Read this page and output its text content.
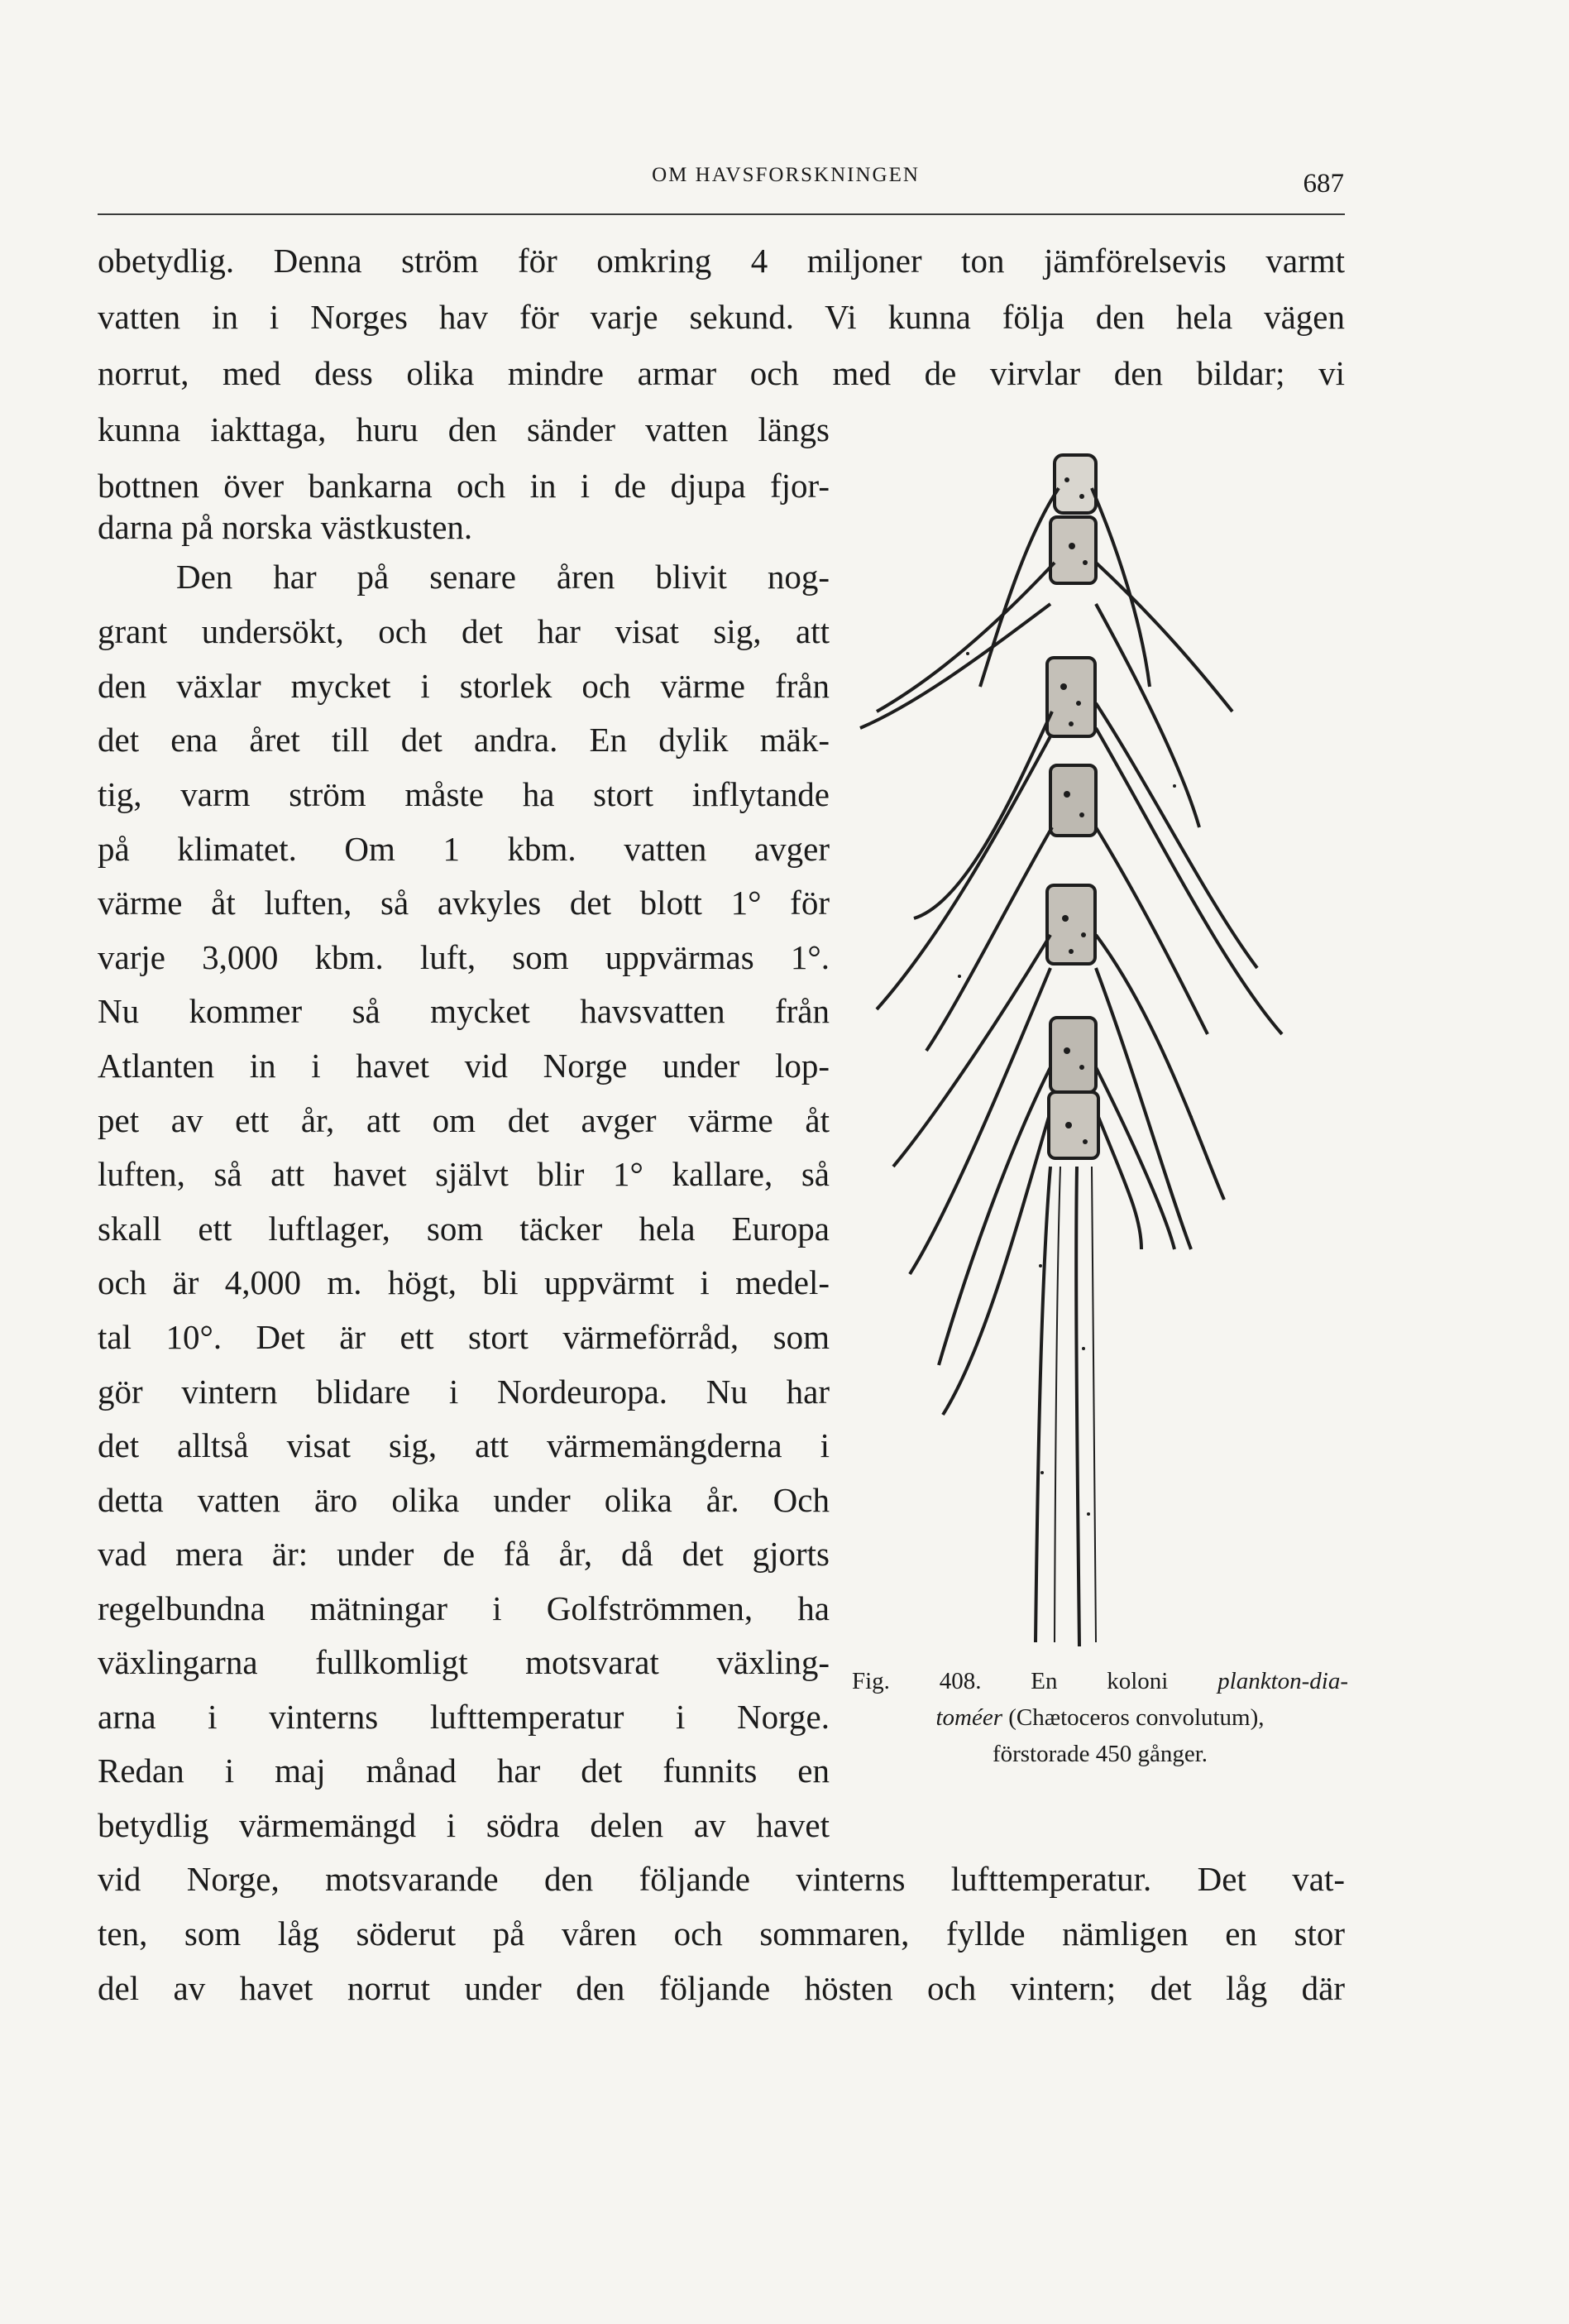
OM HAVSFORSKNINGEN	687
obetydlig. Denna ström för omkring 4 miljoner ton jämförelsevis varmt
vatten in i Norges hav för varje sekund. Vi kunna följa den hela vägen
norrut, med dess olika mindre armar och med de virvlar den bildar; vi
kunna iakttaga, huru den sänder vatten längs
bottnen över bankarna och in i de djupa fjor-
darna på norska västkusten.
Den har på senare åren blivit nog-
grant undersökt, och det har visat sig, att
den växlar mycket i storlek och värme från
det ena året till det andra. En dylik mäk-
tig, varm ström måste ha stort inflytande
på klimatet. Om 1 kbm. vatten avger
värme åt luften, så avkyles det blott 1° för
varje 3,000 kbm. luft, som uppvärmas 1°.
Nu kommer så mycket havsvatten från
Atlanten in i havet vid Norge under lop-
pet av ett år, att om det avger värme åt
luften, så att havet självt blir 1° kallare, så
skall ett luftlager, som täcker hela Europa
och är 4,000 m. högt, bli uppvärmt i medel-
tal 10°. Det är ett stort värmeförråd, som
gör vintern blidare i Nordeuropa. Nu har
det alltså visat sig, att värmemängderna i
detta vatten äro olika under olika år. Och
vad mera är: under de få år, då det gjorts
regelbundna mätningar i Golfströmmen, ha
växlingarna fullkomligt motsvarat växling-
arna i vinterns lufttemperatur i Norge.
Redan i maj månad har det funnits en
betydlig värmemängd i södra delen av havet
vid Norge, motsvarande den följande vinterns lufttemperatur. Det vat-
ten, som låg söderut på våren och sommaren, fyllde nämligen en stor
del av havet norrut under den följande hösten och vintern; det låg där
Fig. 408. En koloni plankton-dia-
toméer (Chætoceros convolutum),
förstorade 450 gånger.
